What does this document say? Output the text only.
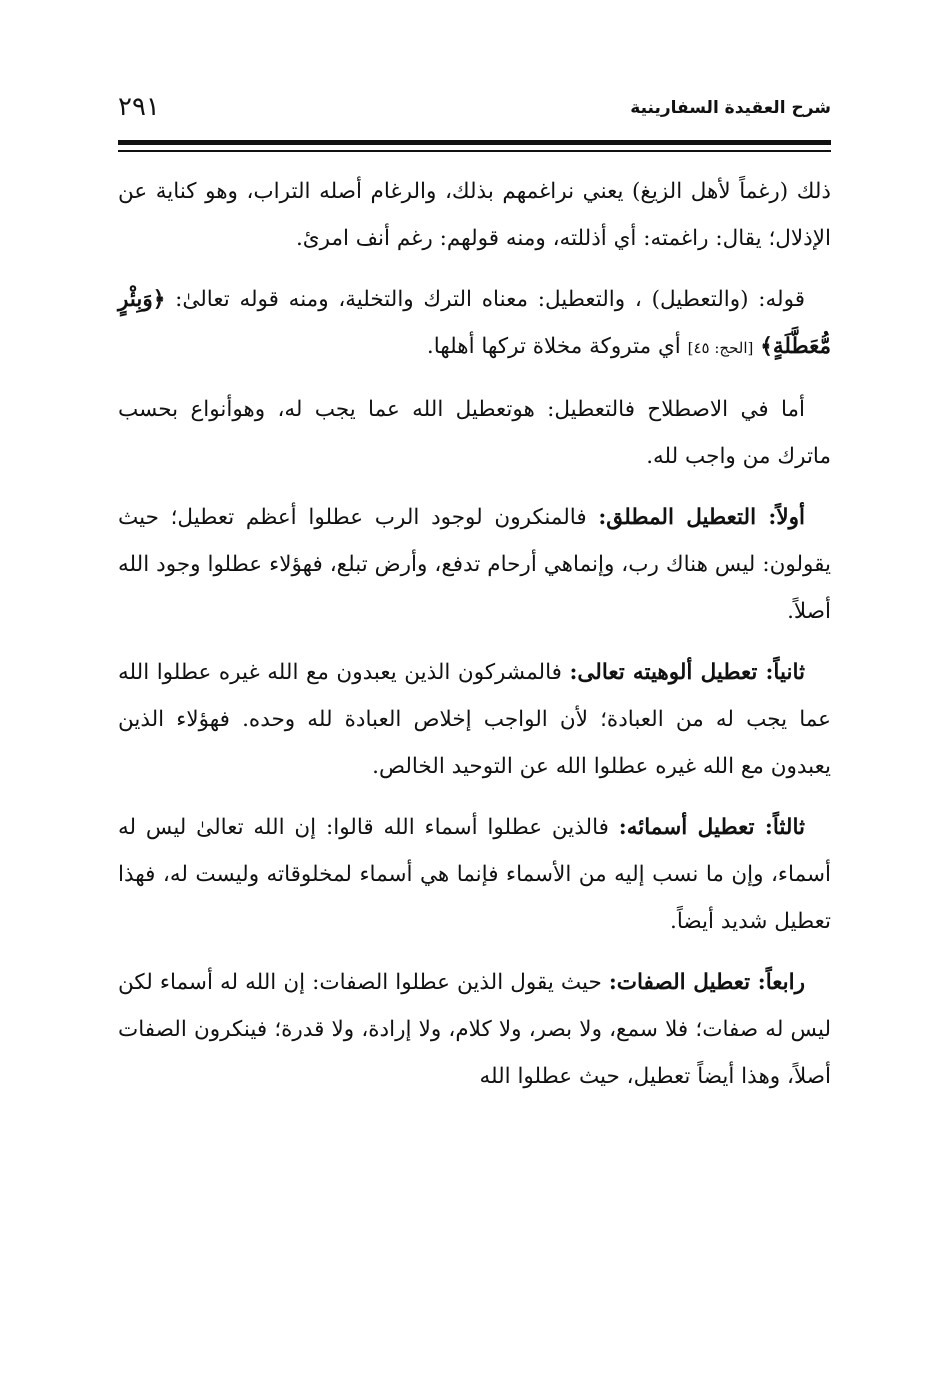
شرح العقيدة السفارينية
٢٩١

ذلك (رغماً لأهل الزيغ) يعني نراغمهم بذلك، والرغام أصله التراب، وهو كناية عن الإذلال؛ يقال: راغمته: أي أذللته، ومنه قولهم: رغم أنف امرئ.

قوله: (والتعطيل) ، والتعطيل: معناه الترك والتخلية، ومنه قوله تعالىٰ: ﴿وَبِئْرٍ مُّعَطَّلَةٍ﴾ [الحج: ٤٥] أي متروكة مخلاة تركها أهلها.

أما في الاصطلاح فالتعطيل: هوتعطيل الله عما يجب له، وهوأنواع بحسب ماترك من واجب لله.

أولاً: التعطيل المطلق: فالمنكرون لوجود الرب عطلوا أعظم تعطيل؛ حيث يقولون: ليس هناك رب، وإنماهي أرحام تدفع، وأرض تبلع، فهؤلاء عطلوا وجود الله أصلاً.

ثانياً: تعطيل ألوهيته تعالى: فالمشركون الذين يعبدون مع الله غيره عطلوا الله عما يجب له من العبادة؛ لأن الواجب إخلاص العبادة لله وحده. فهؤلاء الذين يعبدون مع الله غيره عطلوا الله عن التوحيد الخالص.

ثالثاً: تعطيل أسمائه: فالذين عطلوا أسماء الله قالوا: إن الله تعالىٰ ليس له أسماء، وإن ما نسب إليه من الأسماء فإنما هي أسماء لمخلوقاته وليست له، فهذا تعطيل شديد أيضاً.

رابعاً: تعطيل الصفات: حيث يقول الذين عطلوا الصفات: إن الله له أسماء لكن ليس له صفات؛ فلا سمع، ولا بصر، ولا كلام، ولا إرادة، ولا قدرة؛ فينكرون الصفات أصلاً، وهذا أيضاً تعطيل، حيث عطلوا الله
